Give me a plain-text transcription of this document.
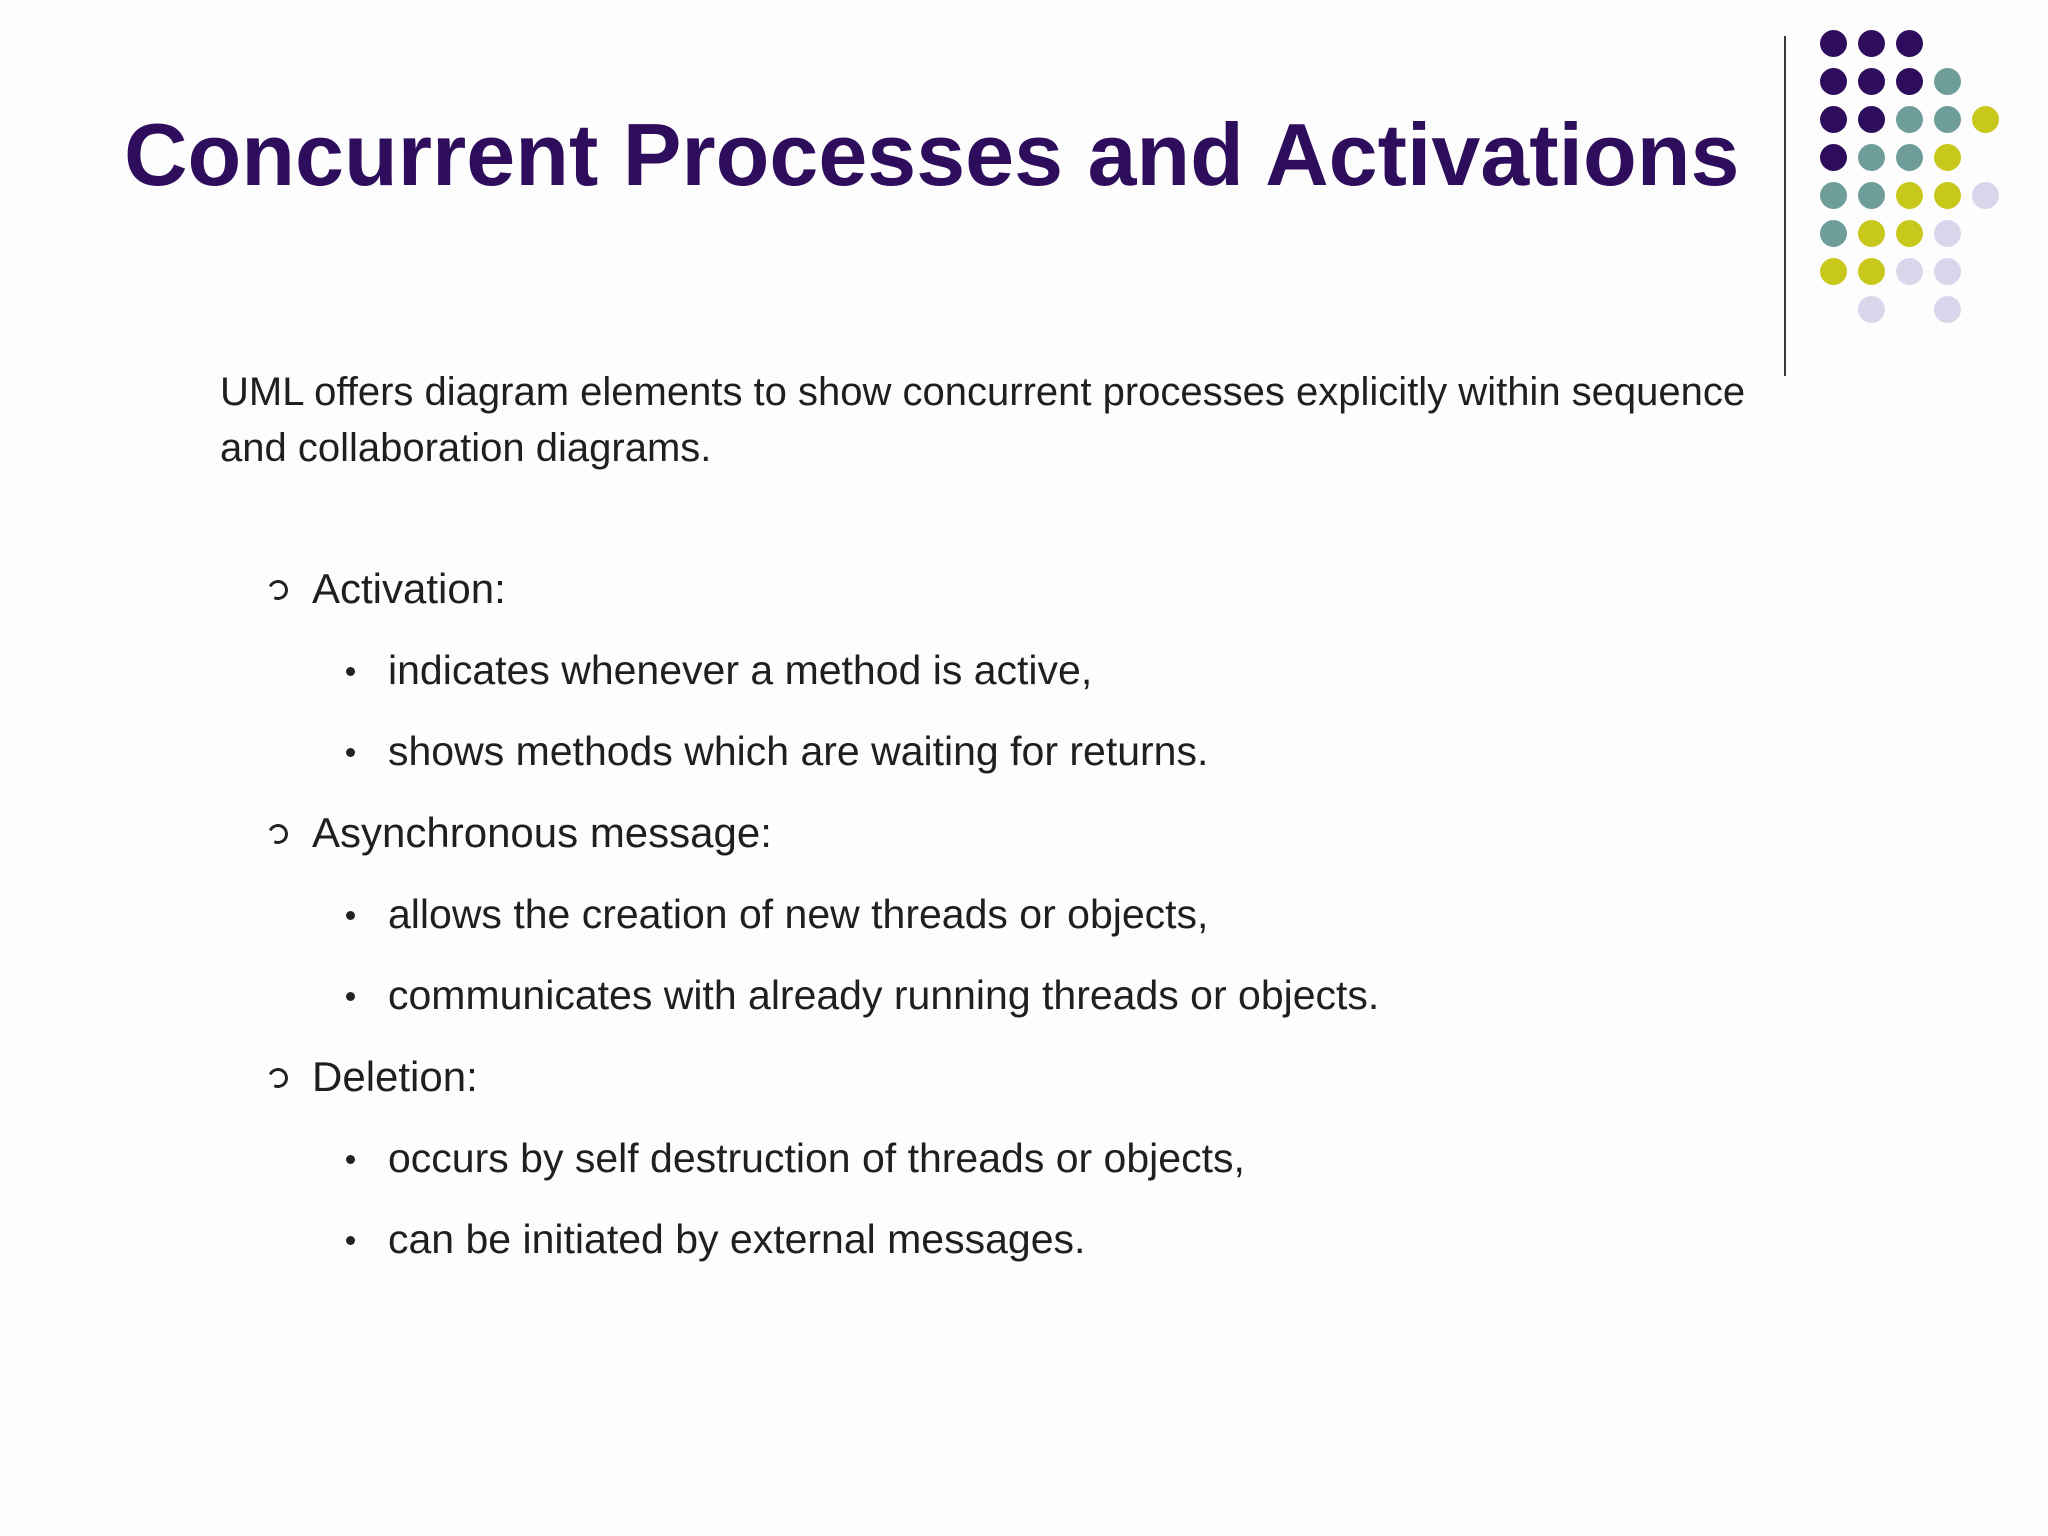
Concurrent Processes and Activations
UML offers diagram elements to show concurrent processes explicitly within sequence and collaboration diagrams.
Activation:
indicates whenever a method is active,
shows methods which are waiting for returns.
Asynchronous message:
allows the creation of new threads or objects,
communicates with already running threads or objects.
Deletion:
occurs by self destruction of threads or objects,
can be initiated by external messages.
